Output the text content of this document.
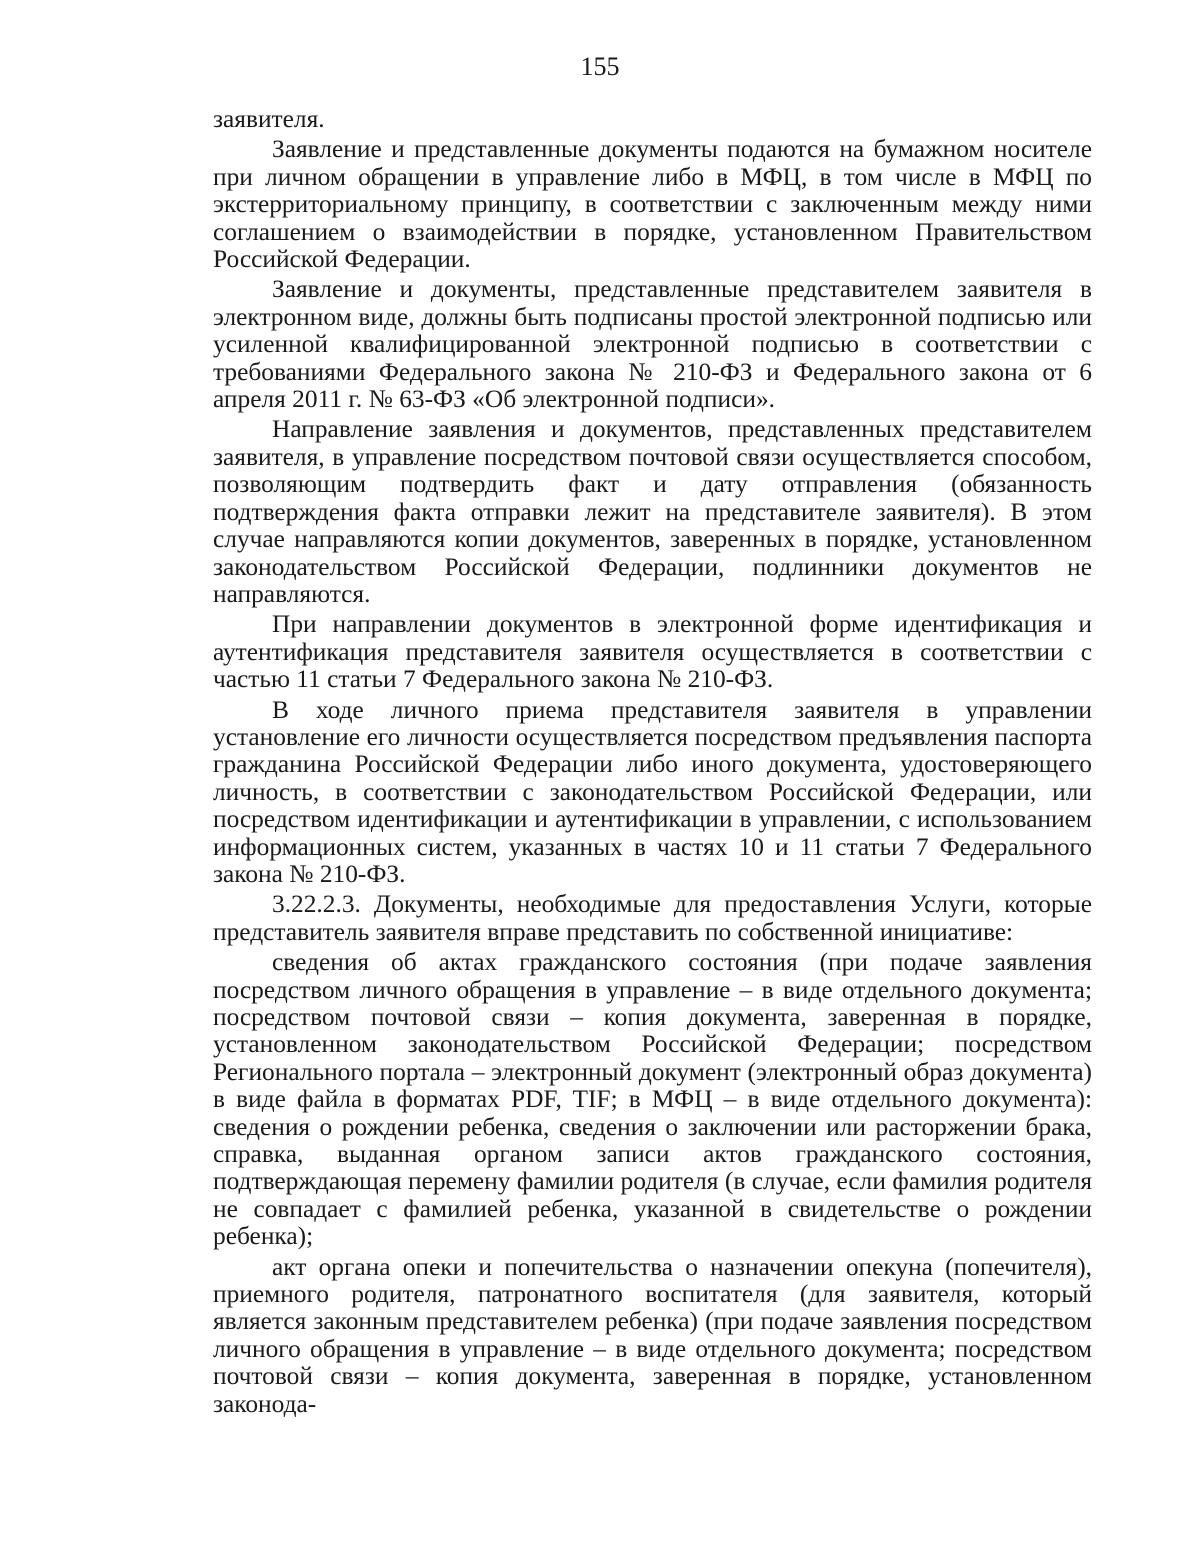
155

заявителя.

Заявление и представленные документы подаются на бумажном носителе при личном обращении в управление либо в МФЦ, в том числе в МФЦ по экстерриториальному принципу, в соответствии с заключенным между ними соглашением о взаимодействии в порядке, установленном Правительством Российской Федерации.

Заявление и документы, представленные представителем заявителя в электронном виде, должны быть подписаны простой электронной подписью или усиленной квалифицированной электронной подписью в соответствии с требованиями Федерального закона № 210-ФЗ и Федерального закона от 6 апреля 2011 г. № 63-ФЗ «Об электронной подписи».

Направление заявления и документов, представленных представителем заявителя, в управление посредством почтовой связи осуществляется способом, позволяющим подтвердить факт и дату отправления (обязанность подтверждения факта отправки лежит на представителе заявителя). В этом случае направляются копии документов, заверенных в порядке, установленном законодательством Российской Федерации, подлинники документов не направляются.

При направлении документов в электронной форме идентификация и аутентификация представителя заявителя осуществляется в соответствии с частью 11 статьи 7 Федерального закона № 210-ФЗ.

В ходе личного приема представителя заявителя в управлении установление его личности осуществляется посредством предъявления паспорта гражданина Российской Федерации либо иного документа, удостоверяющего личность, в соответствии с законодательством Российской Федерации, или посредством идентификации и аутентификации в управлении, с использованием информационных систем, указанных в частях 10 и 11 статьи 7 Федерального закона № 210-ФЗ.

3.22.2.3. Документы, необходимые для предоставления Услуги, которые представитель заявителя вправе представить по собственной инициативе:

сведения об актах гражданского состояния (при подаче заявления посредством личного обращения в управление – в виде отдельного документа; посредством почтовой связи – копия документа, заверенная в порядке, установленном законодательством Российской Федерации; посредством Регионального портала – электронный документ (электронный образ документа) в виде файла в форматах PDF, TIF; в МФЦ – в виде отдельного документа): сведения о рождении ребенка, сведения о заключении или расторжении брака, справка, выданная органом записи актов гражданского состояния, подтверждающая перемену фамилии родителя (в случае, если фамилия родителя не совпадает с фамилией ребенка, указанной в свидетельстве о рождении ребенка);

акт органа опеки и попечительства о назначении опекуна (попечителя), приемного родителя, патронатного воспитателя (для заявителя, который является законным представителем ребенка) (при подаче заявления посредством личного обращения в управление – в виде отдельного документа; посредством почтовой связи – копия документа, заверенная в порядке, установленном законода-
